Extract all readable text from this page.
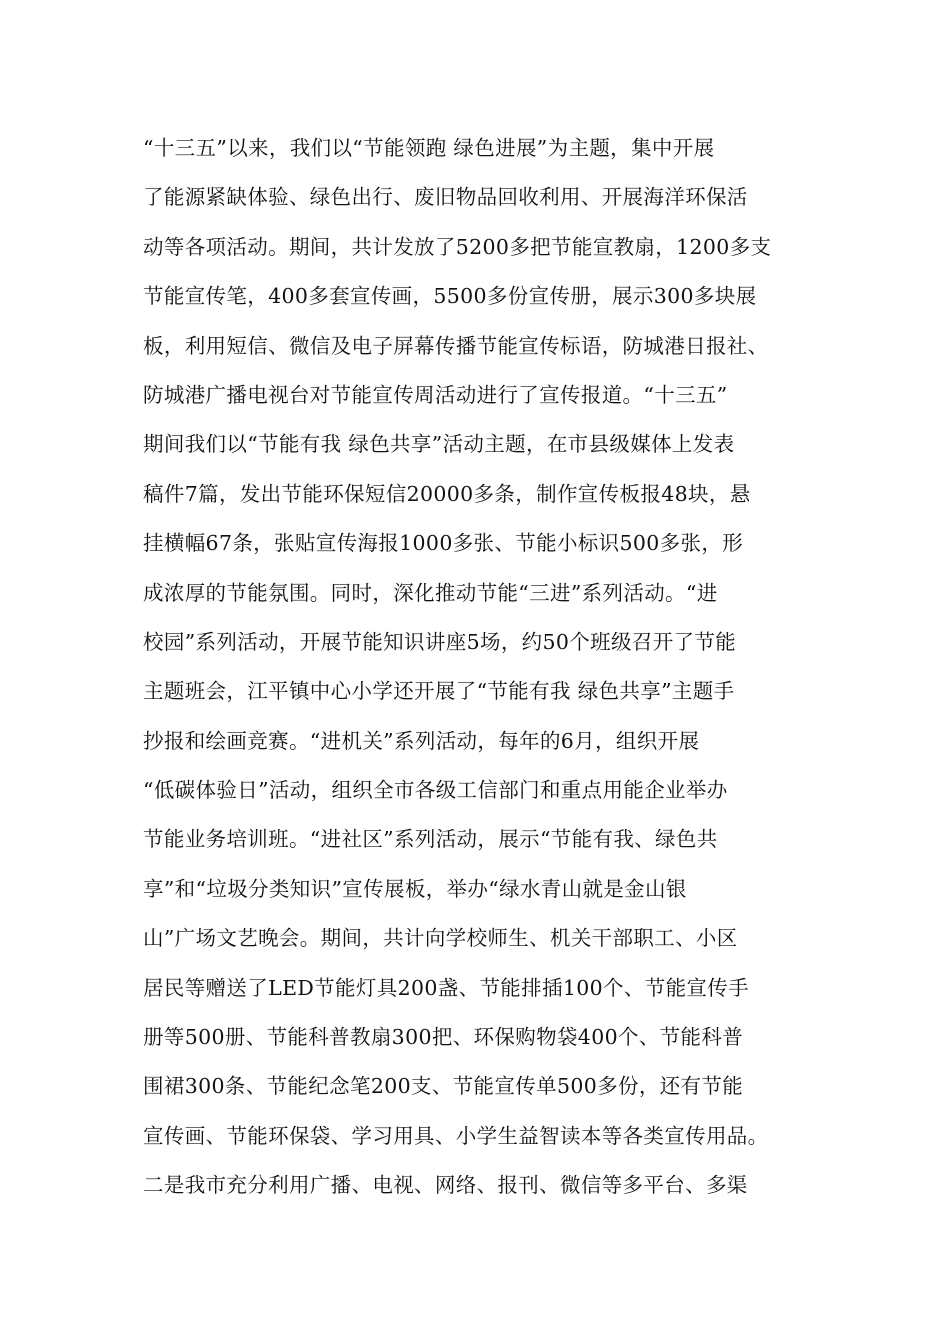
“十三五”以来，我们以“节能领跑 绿色进展”为主题，集中开展
了能源紧缺体验、绿色出行、废旧物品回收利用、开展海洋环保活
动等各项活动。期间，共计发放了5200多把节能宣教扇，1200多支
节能宣传笔，400多套宣传画，5500多份宣传册，展示300多块展
板，利用短信、微信及电子屏幕传播节能宣传标语，防城港日报社、
防城港广播电视台对节能宣传周活动进行了宣传报道。“十三五”
期间我们以“节能有我 绿色共享”活动主题，在市县级媒体上发表
稿件7篇，发出节能环保短信20000多条，制作宣传板报48块，悬
挂横幅67条，张贴宣传海报1000多张、节能小标识500多张，形
成浓厚的节能氛围。同时，深化推动节能“三进”系列活动。“进
校园”系列活动，开展节能知识讲座5场，约50个班级召开了节能
主题班会，江平镇中心小学还开展了“节能有我 绿色共享”主题手
抄报和绘画竞赛。“进机关”系列活动，每年的6月，组织开展
“低碳体验日”活动，组织全市各级工信部门和重点用能企业举办
节能业务培训班。“进社区”系列活动，展示“节能有我、绿色共
享”和“垃圾分类知识”宣传展板，举办“绿水青山就是金山银
山”广场文艺晚会。期间，共计向学校师生、机关干部职工、小区
居民等赠送了LED节能灯具200盏、节能排插100个、节能宣传手
册等500册、节能科普教扇300把、环保购物袋400个、节能科普
围裙300条、节能纪念笔200支、节能宣传单500多份，还有节能
宣传画、节能环保袋、学习用具、小学生益智读本等各类宣传用品。
二是我市充分利用广播、电视、网络、报刊、微信等多平台、多渠
